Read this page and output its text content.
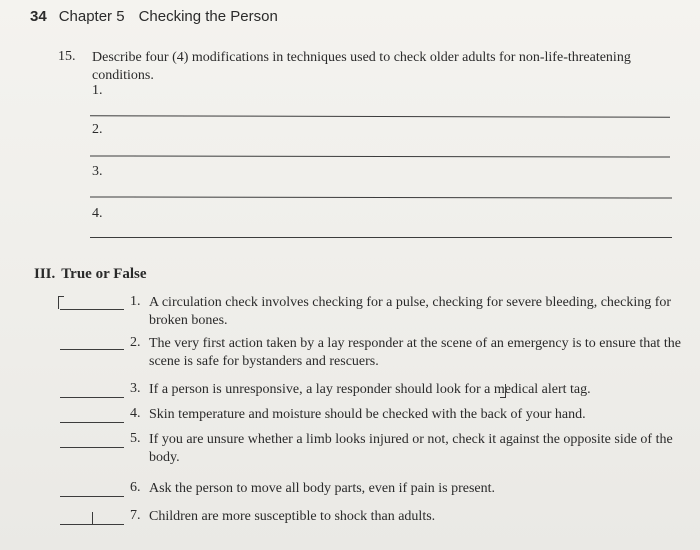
34 Chapter 5 Checking the Person
15. Describe four (4) modifications in techniques used to check older adults for non-life-threatening conditions.
1.
2.
3.
4.
III. True or False
1. A circulation check involves checking for a pulse, checking for severe bleeding, checking for broken bones.
2. The very first action taken by a lay responder at the scene of an emergency is to ensure that the scene is safe for bystanders and rescuers.
3. If a person is unresponsive, a lay responder should look for a medical alert tag.
4. Skin temperature and moisture should be checked with the back of your hand.
5. If you are unsure whether a limb looks injured or not, check it against the opposite side of the body.
6. Ask the person to move all body parts, even if pain is present.
7. Children are more susceptible to shock than adults.
